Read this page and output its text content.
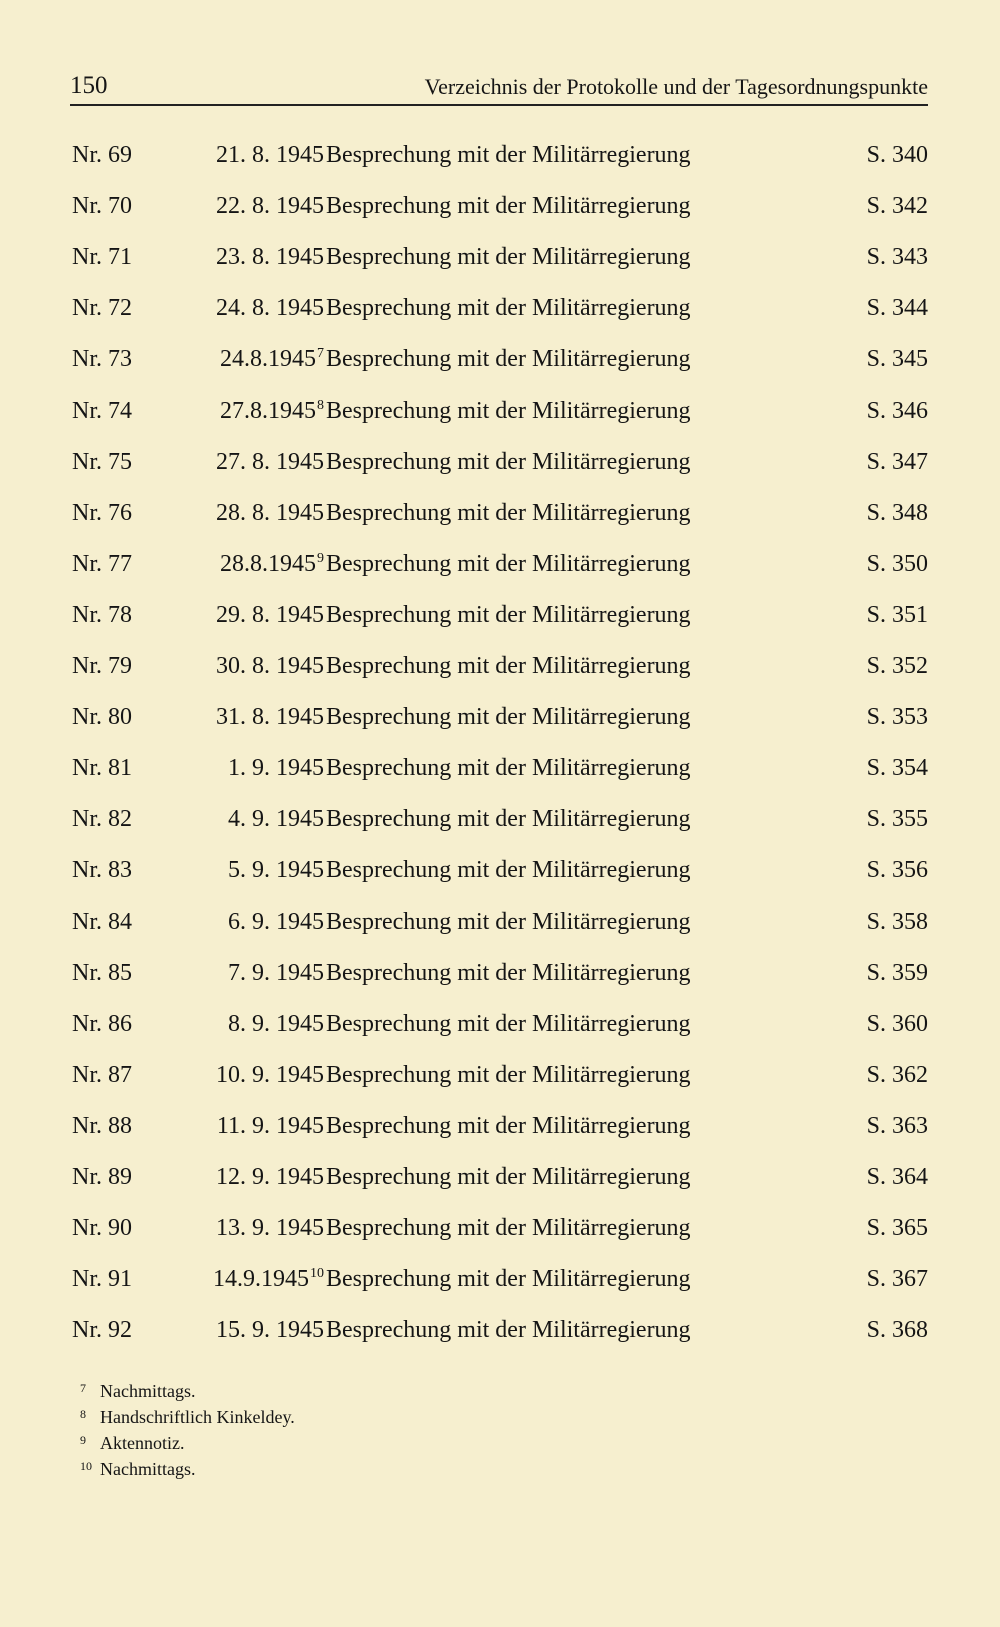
150	Verzeichnis der Protokolle und der Tagesordnungspunkte
Nr. 69	21. 8. 1945 Besprechung mit der Militärregierung	S. 340
Nr. 70	22. 8. 1945 Besprechung mit der Militärregierung	S. 342
Nr. 71	23. 8. 1945 Besprechung mit der Militärregierung	S. 343
Nr. 72	24. 8. 1945 Besprechung mit der Militärregierung	S. 344
Nr. 73	24.8.1945$^7$ Besprechung mit der Militärregierung	S. 345
Nr. 74	27.8.1945$^8$ Besprechung mit der Militärregierung	S. 346
Nr. 75	27. 8. 1945 Besprechung mit der Militärregierung	S. 347
Nr. 76	28. 8. 1945 Besprechung mit der Militärregierung	S. 348
Nr. 77	28.8.1945$^9$ Besprechung mit der Militärregierung	S. 350
Nr. 78	29. 8. 1945 Besprechung mit der Militärregierung	S. 351
Nr. 79	30. 8. 1945 Besprechung mit der Militärregierung	S. 352
Nr. 80	31. 8. 1945 Besprechung mit der Militärregierung	S. 353
Nr. 81	1. 9. 1945 Besprechung mit der Militärregierung	S. 354
Nr. 82	4. 9. 1945 Besprechung mit der Militärregierung	S. 355
Nr. 83	5. 9. 1945 Besprechung mit der Militärregierung	S. 356
Nr. 84	6. 9. 1945 Besprechung mit der Militärregierung	S. 358
Nr. 85	7. 9. 1945 Besprechung mit der Militärregierung	S. 359
Nr. 86	8. 9. 1945 Besprechung mit der Militärregierung	S. 360
Nr. 87	10. 9. 1945 Besprechung mit der Militärregierung	S. 362
Nr. 88	11. 9. 1945 Besprechung mit der Militärregierung	S. 363
Nr. 89	12. 9. 1945 Besprechung mit der Militärregierung	S. 364
Nr. 90	13. 9. 1945 Besprechung mit der Militärregierung	S. 365
Nr. 91	14.9.1945$^{10}$ Besprechung mit der Militärregierung	S. 367
Nr. 92	15. 9. 1945 Besprechung mit der Militärregierung	S. 368
7 Nachmittags.
8 Handschriftlich Kinkeldey.
9 Aktennotiz.
10 Nachmittags.
